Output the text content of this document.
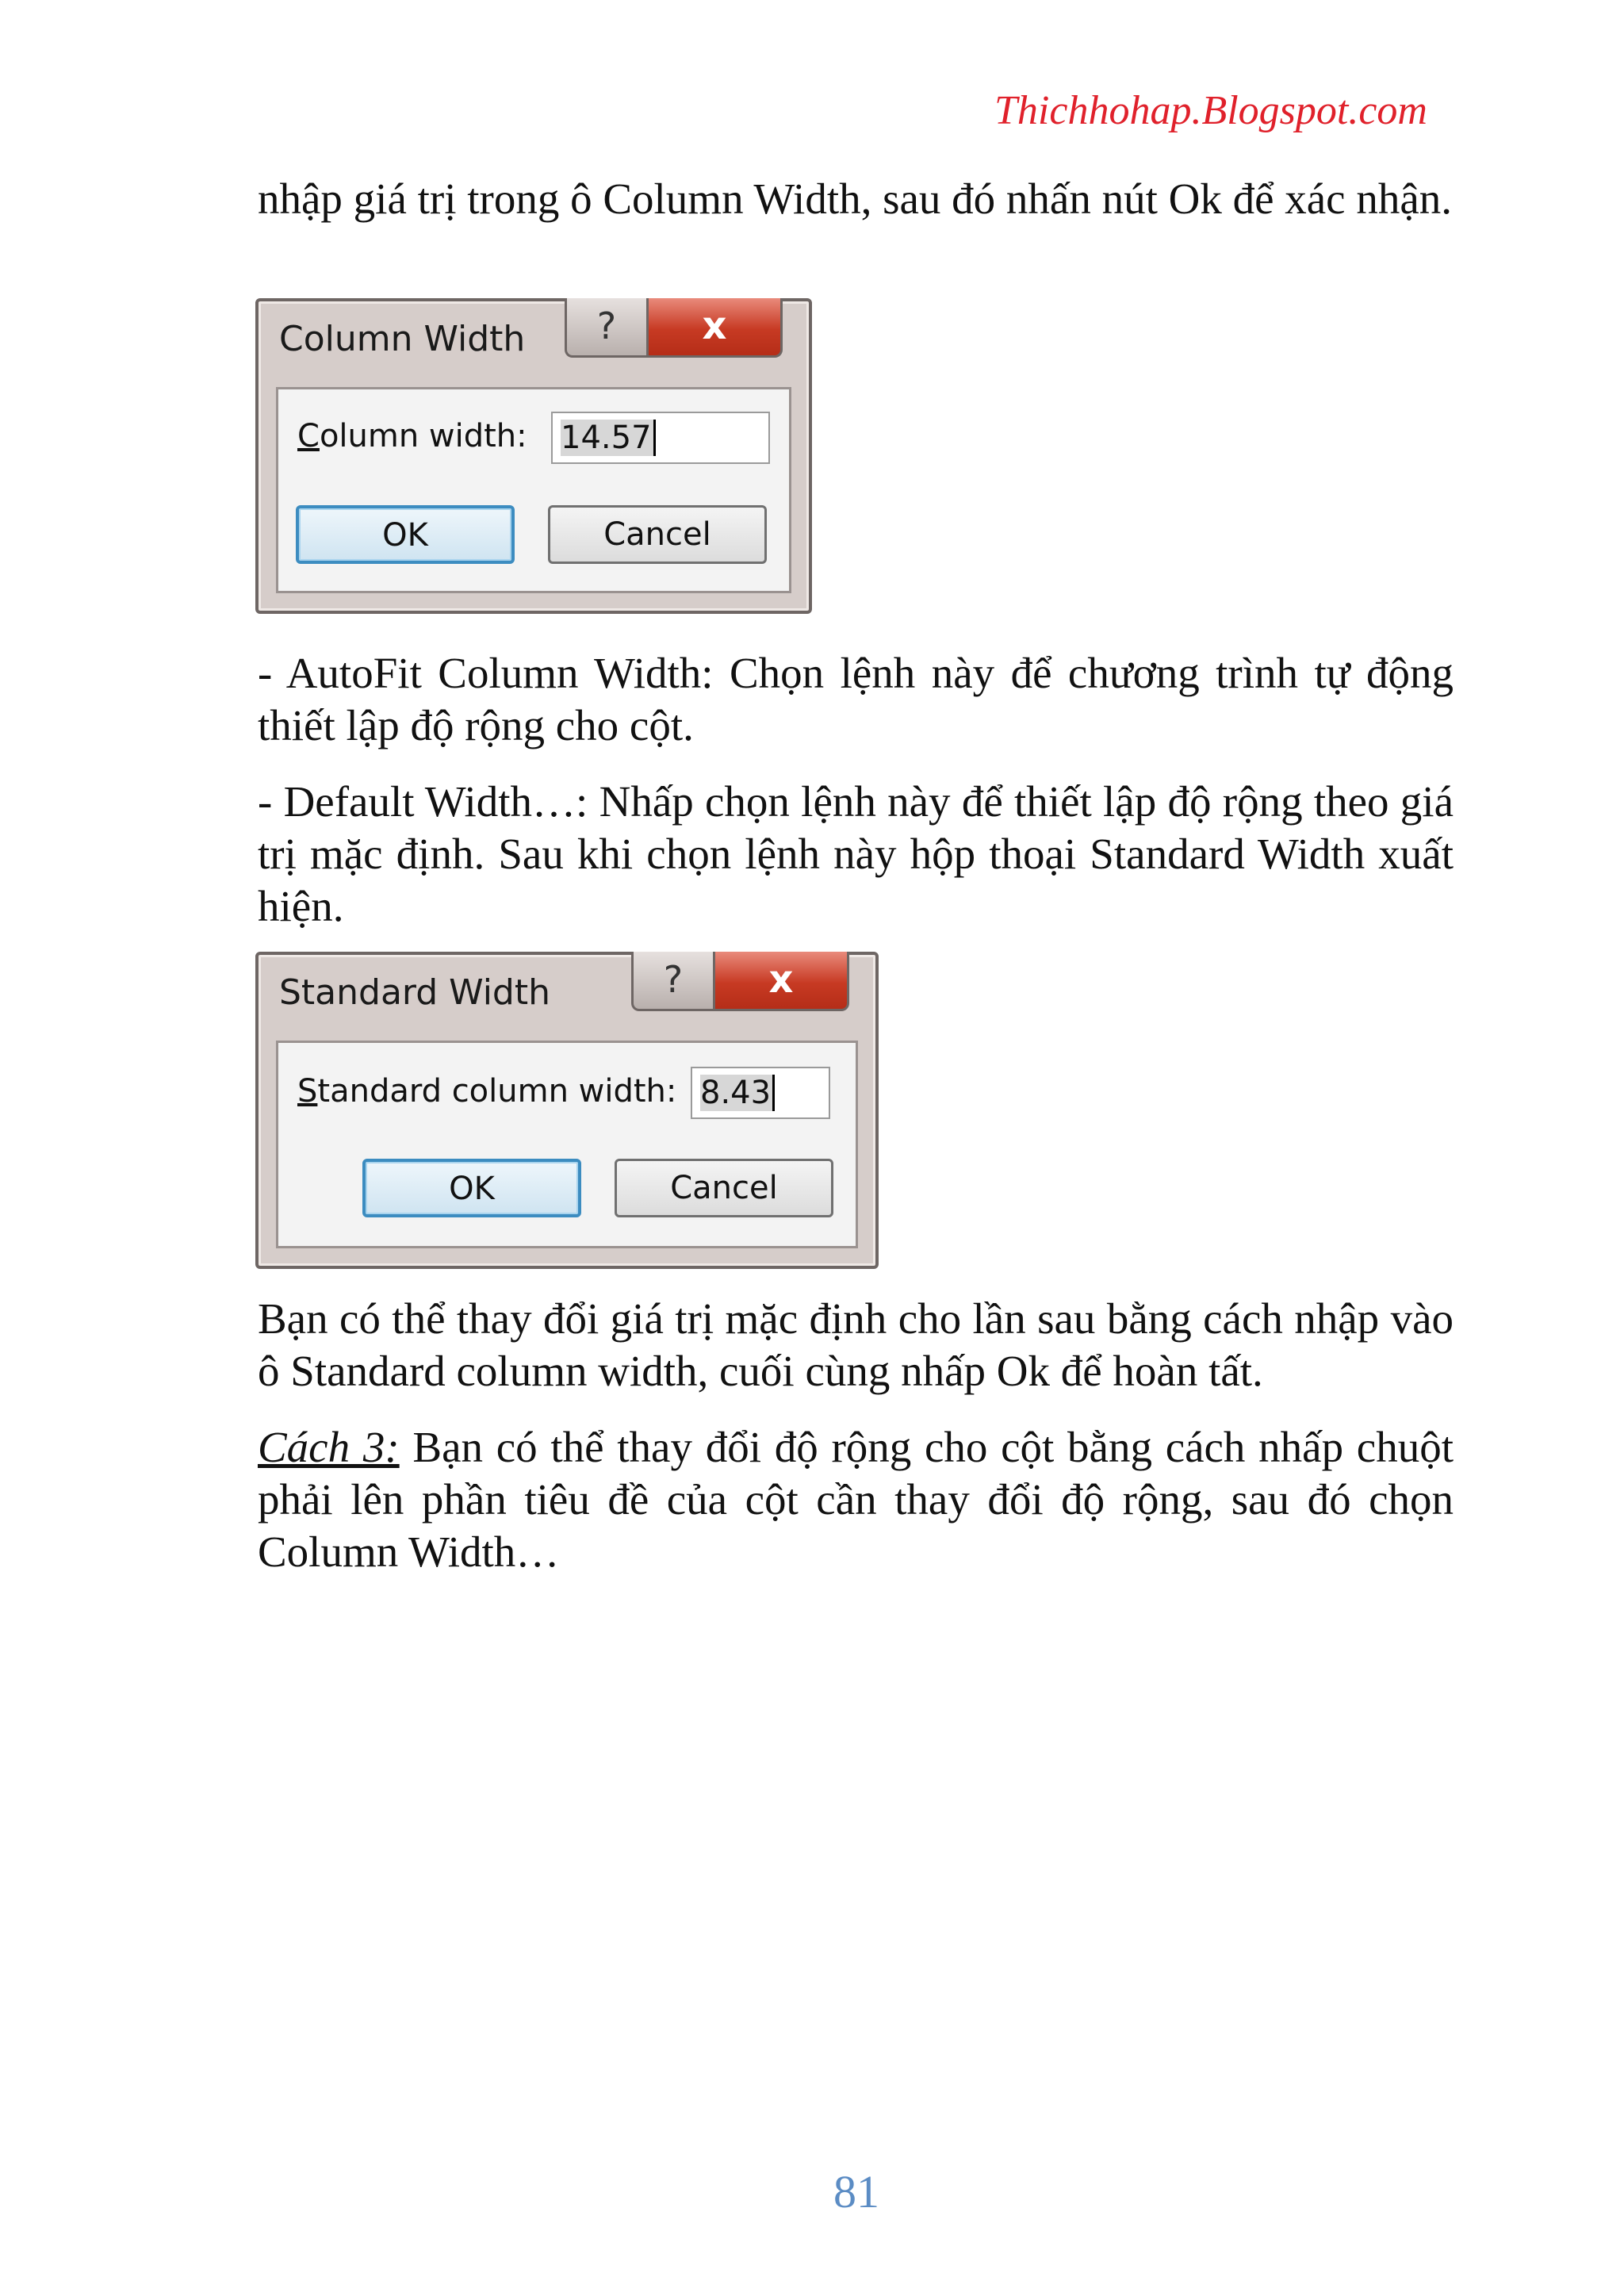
Thichhohap.Blogspot.com

nhập giá trị trong ô Column Width, sau đó nhấn nút Ok để xác nhận.

Column Width	?	x
Column width:	14.57
OK	Cancel

- AutoFit Column Width: Chọn lệnh này để chương trình tự động thiết lập độ rộng cho cột.

- Default Width…: Nhấp chọn lệnh này để thiết lập độ rộng theo giá trị mặc định. Sau khi chọn lệnh này hộp thoại Standard Width xuất hiện.

Standard Width	?	x
Standard column width: 8.43
OK	Cancel

Bạn có thể thay đổi giá trị mặc định cho lần sau bằng cách nhập vào ô Standard column width, cuối cùng nhấp Ok để hoàn tất.

Cách 3: Bạn có thể thay đổi độ rộng cho cột bằng cách nhấp chuột phải lên phần tiêu đề của cột cần thay đổi độ rộng, sau đó chọn Column Width…

81
